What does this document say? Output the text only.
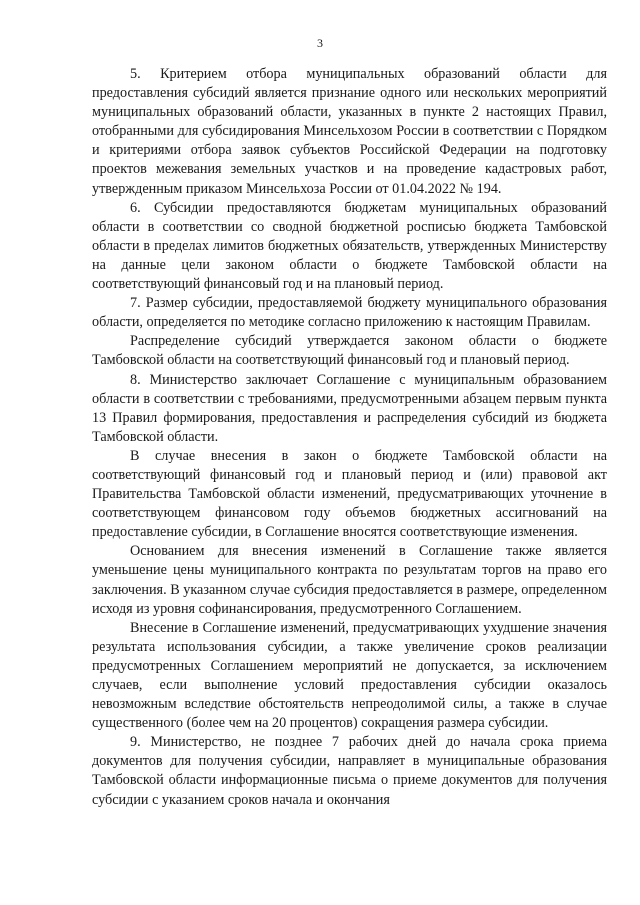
3

5. Критерием отбора муниципальных образований области для предоставления субсидий является признание одного или нескольких мероприятий муниципальных образований области, указанных в пункте 2 настоящих Правил, отобранными для субсидирования Минсельхозом России в соответствии с Порядком и критериями отбора заявок субъектов Российской Федерации на подготовку проектов межевания земельных участков и на проведение кадастровых работ, утвержденным приказом Минсельхоза России от 01.04.2022 № 194.

6. Субсидии предоставляются бюджетам муниципальных образований области в соответствии со сводной бюджетной росписью бюджета Тамбовской области в пределах лимитов бюджетных обязательств, утвержденных Министерству на данные цели законом области о бюджете Тамбовской области на соответствующий финансовый год и на плановый период.

7. Размер субсидии, предоставляемой бюджету муниципального образования области, определяется по методике согласно приложению к настоящим Правилам.

Распределение субсидий утверждается законом области о бюджете Тамбовской области на соответствующий финансовый год и плановый период.

8. Министерство заключает Соглашение с муниципальным образованием области в соответствии с требованиями, предусмотренными абзацем первым пункта 13 Правил формирования, предоставления и распределения субсидий из бюджета Тамбовской области.

В случае внесения в закон о бюджете Тамбовской области на соответствующий финансовый год и плановый период и (или) правовой акт Правительства Тамбовской области изменений, предусматривающих уточнение в соответствующем финансовом году объемов бюджетных ассигнований на предоставление субсидии, в Соглашение вносятся соответствующие изменения.

Основанием для внесения изменений в Соглашение также является уменьшение цены муниципального контракта по результатам торгов на право его заключения. В указанном случае субсидия предоставляется в размере, определенном исходя из уровня софинансирования, предусмотренного Соглашением.

Внесение в Соглашение изменений, предусматривающих ухудшение значения результата использования субсидии, а также увеличение сроков реализации предусмотренных Соглашением мероприятий не допускается, за исключением случаев, если выполнение условий предоставления субсидии оказалось невозможным вследствие обстоятельств непреодолимой силы, а также в случае существенного (более чем на 20 процентов) сокращения размера субсидии.

9. Министерство, не позднее 7 рабочих дней до начала срока приема документов для получения субсидии, направляет в муниципальные образования Тамбовской области информационные письма о приеме документов для получения субсидии с указанием сроков начала и окончания
